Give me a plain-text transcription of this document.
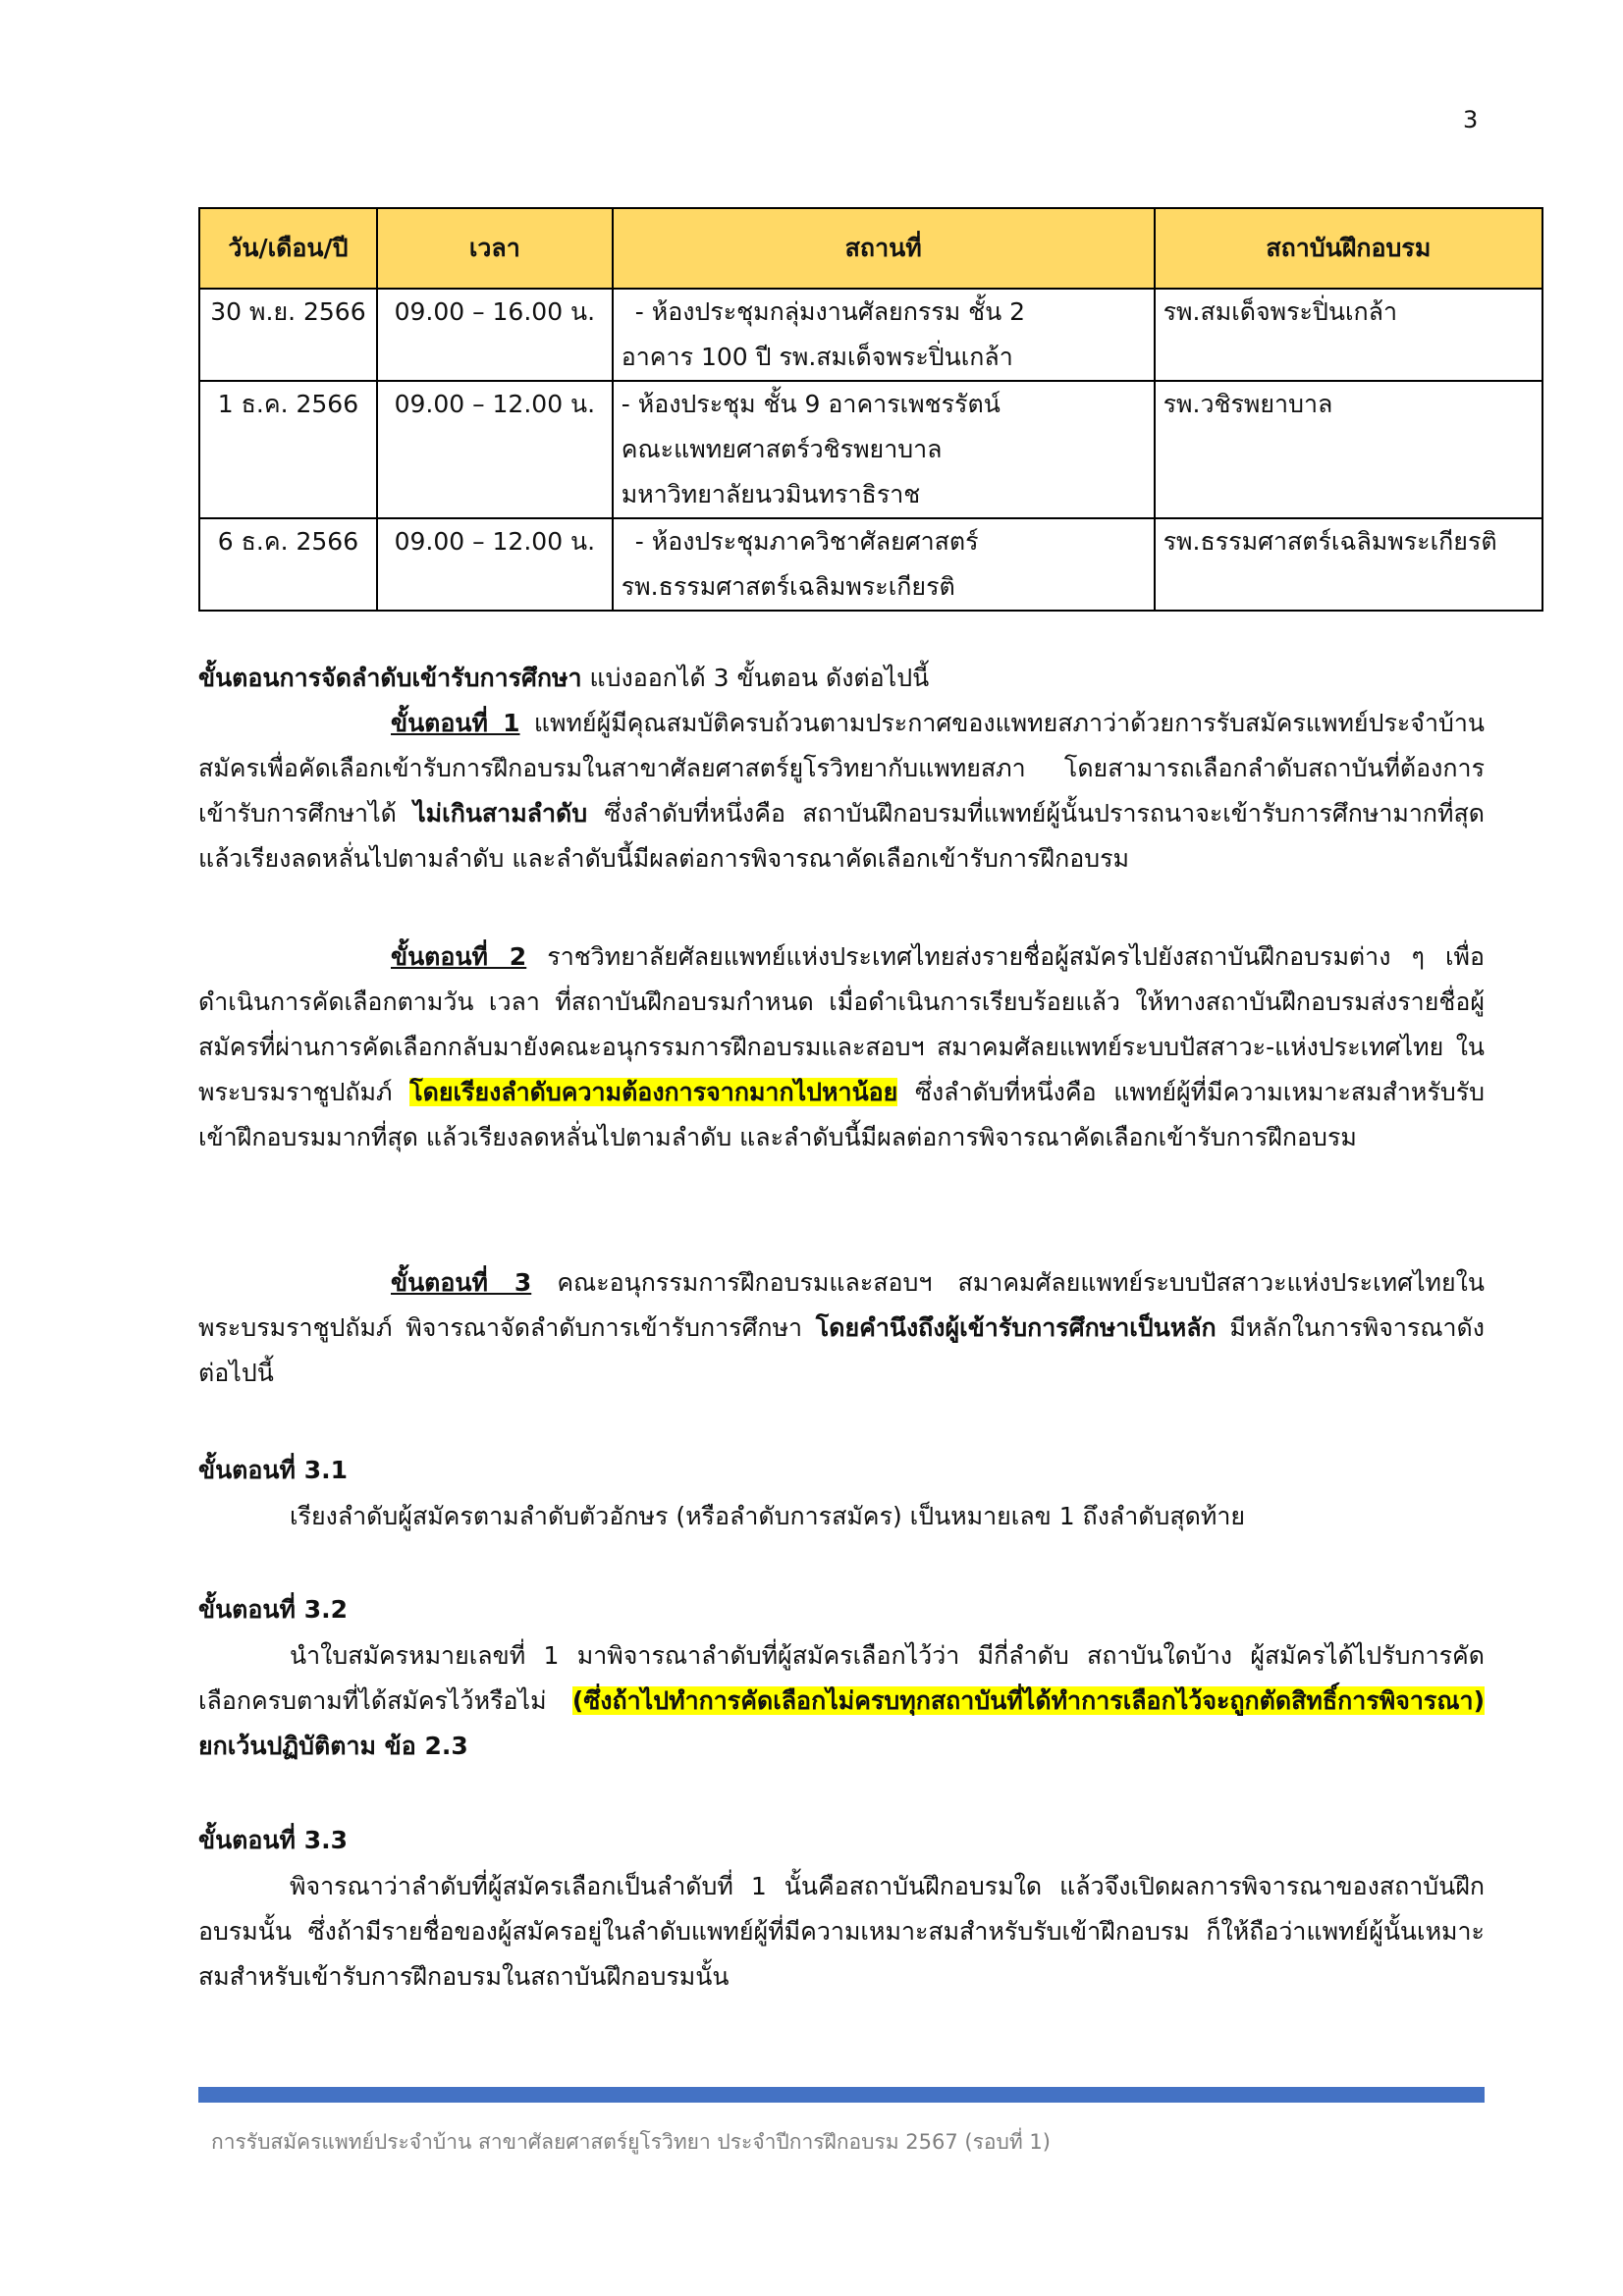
3
วัน/เดือน/ปี	เวลา	สถานที่	สถาบันฝึกอบรม
30 พ.ย. 2566	09.00 – 16.00 น.	- ห้องประชุมกลุ่มงานศัลยกรรม ชั้น 2
อาคาร 100 ปี รพ.สมเด็จพระปิ่นเกล้า	รพ.สมเด็จพระปิ่นเกล้า
1 ธ.ค. 2566	09.00 – 12.00 น.	- ห้องประชุม ชั้น 9 อาคารเพชรรัตน์
คณะแพทยศาสตร์วชิรพยาบาล
มหาวิทยาลัยนวมินทราธิราช	รพ.วชิรพยาบาล
6 ธ.ค. 2566	09.00 – 12.00 น.	- ห้องประชุมภาควิชาศัลยศาสตร์
รพ.ธรรมศาสตร์เฉลิมพระเกียรติ	รพ.ธรรมศาสตร์เฉลิมพระเกียรติ

ขั้นตอนการจัดลำดับเข้ารับการศึกษา แบ่งออกได้ 3 ขั้นตอน ดังต่อไปนี้

ขั้นตอนที่ 1 แพทย์ผู้มีคุณสมบัติครบถ้วนตามประกาศของแพทยสภาว่าด้วยการรับสมัครแพทย์ประจำบ้าน สมัครเพื่อคัดเลือกเข้ารับการฝึกอบรมในสาขาศัลยศาสตร์ยูโรวิทยากับแพทยสภา โดยสามารถเลือกลำดับสถาบันที่ต้องการเข้ารับการศึกษาได้ ไม่เกินสามลำดับ ซึ่งลำดับที่หนึ่งคือ สถาบันฝึกอบรมที่แพทย์ผู้นั้นปรารถนาจะเข้ารับการศึกษามากที่สุด แล้วเรียงลดหลั่นไปตามลำดับ และลำดับนี้มีผลต่อการพิจารณาคัดเลือกเข้ารับการฝึกอบรม

ขั้นตอนที่ 2 ราชวิทยาลัยศัลยแพทย์แห่งประเทศไทยส่งรายชื่อผู้สมัครไปยังสถาบันฝึกอบรมต่าง ๆ เพื่อดำเนินการคัดเลือกตามวัน เวลา ที่สถาบันฝึกอบรมกำหนด เมื่อดำเนินการเรียบร้อยแล้ว ให้ทางสถาบันฝึกอบรมส่งรายชื่อผู้สมัครที่ผ่านการคัดเลือกกลับมายังคณะอนุกรรมการฝึกอบรมและสอบฯ สมาคมศัลยแพทย์ระบบปัสสาวะ-แห่งประเทศไทย ในพระบรมราชูปถัมภ์ โดยเรียงลำดับความต้องการจากมากไปหาน้อย ซึ่งลำดับที่หนึ่งคือ แพทย์ผู้ที่มีความเหมาะสมสำหรับรับเข้าฝึกอบรมมากที่สุด แล้วเรียงลดหลั่นไปตามลำดับ และลำดับนี้มีผลต่อการพิจารณาคัดเลือกเข้ารับการฝึกอบรม

ขั้นตอนที่ 3 คณะอนุกรรมการฝึกอบรมและสอบฯ สมาคมศัลยแพทย์ระบบปัสสาวะแห่งประเทศไทยในพระบรมราชูปถัมภ์ พิจารณาจัดลำดับการเข้ารับการศึกษา โดยคำนึงถึงผู้เข้ารับการศึกษาเป็นหลัก มีหลักในการพิจารณาดังต่อไปนี้

ขั้นตอนที่ 3.1

เรียงลำดับผู้สมัครตามลำดับตัวอักษร (หรือลำดับการสมัคร) เป็นหมายเลข 1 ถึงลำดับสุดท้าย

ขั้นตอนที่ 3.2

นำใบสมัครหมายเลขที่ 1 มาพิจารณาลำดับที่ผู้สมัครเลือกไว้ว่า มีกี่ลำดับ สถาบันใดบ้าง ผู้สมัครได้ไปรับการคัดเลือกครบตามที่ได้สมัครไว้หรือไม่ (ซึ่งถ้าไปทำการคัดเลือกไม่ครบทุกสถาบันที่ได้ทำการเลือกไว้จะถูกตัดสิทธิ์การพิจารณา) ยกเว้นปฏิบัติตาม ข้อ 2.3

ขั้นตอนที่ 3.3

พิจารณาว่าลำดับที่ผู้สมัครเลือกเป็นลำดับที่ 1 นั้นคือสถาบันฝึกอบรมใด แล้วจึงเปิดผลการพิจารณาของสถาบันฝึกอบรมนั้น ซึ่งถ้ามีรายชื่อของผู้สมัครอยู่ในลำดับแพทย์ผู้ที่มีความเหมาะสมสำหรับรับเข้าฝึกอบรม ก็ให้ถือว่าแพทย์ผู้นั้นเหมาะสมสำหรับเข้ารับการฝึกอบรมในสถาบันฝึกอบรมนั้น

การรับสมัครแพทย์ประจำบ้าน สาขาศัลยศาสตร์ยูโรวิทยา ประจำปีการฝึกอบรม 2567 (รอบที่ 1)
